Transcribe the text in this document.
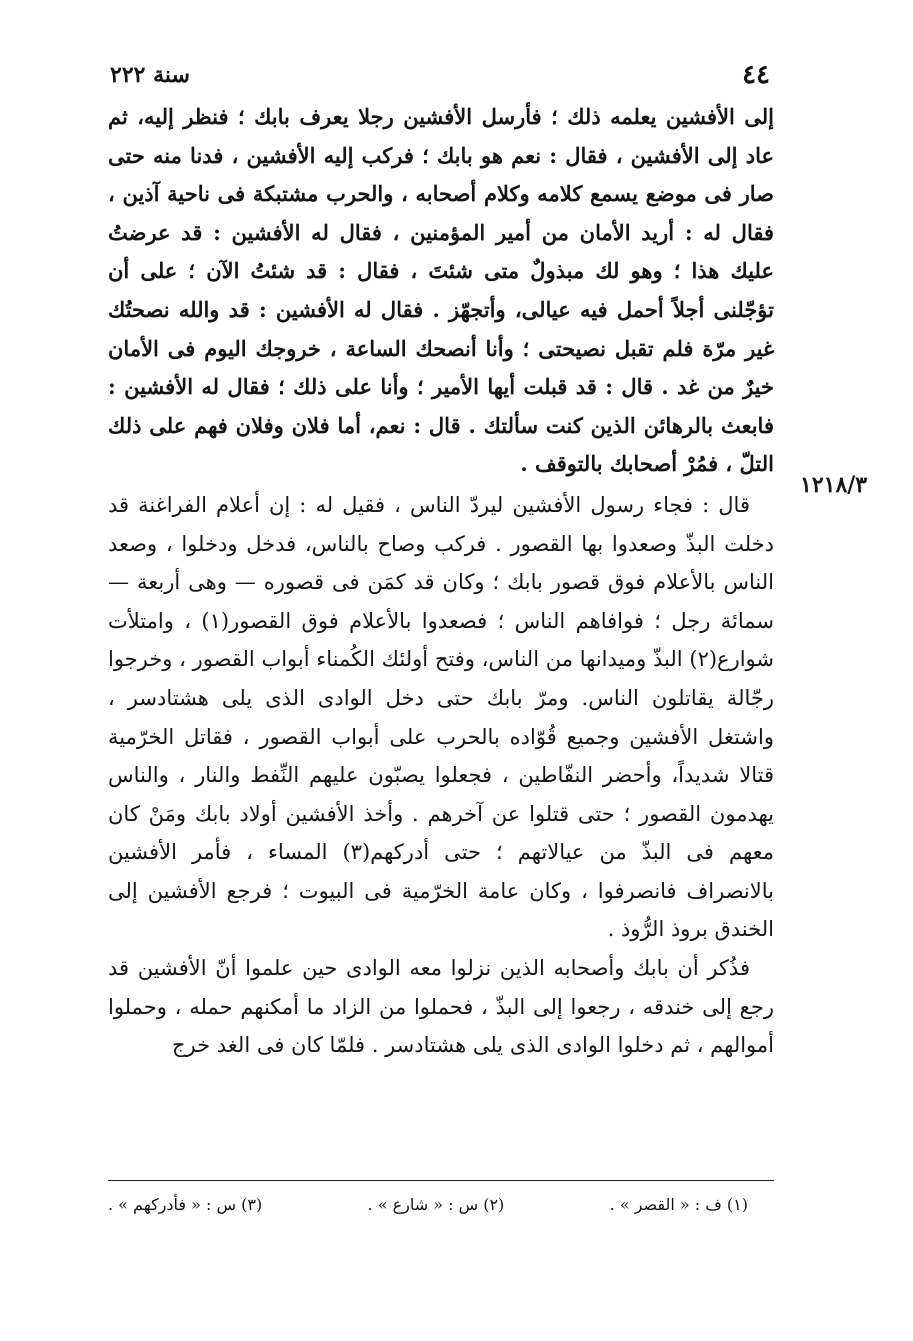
٤٤
سنة ٢٢٢

إلى الأفشين يعلمه ذلك ؛ فأرسل الأفشين رجلا يعرف بابك ؛ فنظر إليه، ثم عاد إلى الأفشين ، فقال : نعم هو بابك ؛ فركب إليه الأفشين ، فدنا منه حتى صار فى موضع يسمع كلامه وكلام أصحابه ، والحرب مشتبكة فى ناحية آذين ، فقال له : أريد الأمان من أمير المؤمنين ، فقال له الأفشين : قد عرضتُ عليك هذا ؛ وهو لك مبذولٌ متى شئتَ ، فقال : قد شئتُ الآن ؛ على أن تؤجّلنى أجلاً أحمل فيه عيالى، وأتجهّز . فقال له الأفشين : قد والله نصحتُك غير مرّة فلم تقبل نصيحتى ؛ وأنا أنصحك الساعة ، خروجك اليوم فى الأمان خيرٌ من غد . قال : قد قبلت أيها الأمير ؛ وأنا على ذلك ؛ فقال له الأفشين : فابعث بالرهائن الذين كنت سألتك . قال : نعم، أما فلان وفلان فهم على ذلك التلّ ، فمُرْ أصحابك بالتوقف .

قال : فجاء رسول الأفشين ليردّ الناس ، فقيل له : إن أعلام الفراغنة قد دخلت البذّ وصعدوا بها القصور . فركب وصاح بالناس، فدخل ودخلوا ، وصعد الناس بالأعلام فوق قصور بابك ؛ وكان قد كمَن فى قصوره — وهى أربعة —سمائة رجل ؛ فوافاهم الناس ؛ فصعدوا بالأعلام فوق القصور(١) ، وامتلأت شوارع(٢) البذّ وميدانها من الناس، وفتح أولئك الكُمناء أبواب القصور ، وخرجوا رجّالة يقاتلون الناس. ومرّ بابك حتى دخل الوادى الذى يلى هشتادسر ، واشتغل الأفشين وجميع قُوّاده بالحرب على أبواب القصور ، فقاتل الخرّمية قتالا شديداً، وأحضر النفّاطين ، فجعلوا يصبّون عليهم النِّفط والنار ، والناس يهدمون القصور ؛ حتى قتلوا عن آخرهم . وأخذ الأفشين أولاد بابك ومَنْ كان معهم فى البذّ من عيالاتهم ؛ حتى أدركهم(٣) المساء ، فأمر الأفشين بالانصراف فانصرفوا ، وكان عامة الخرّمية فى البيوت ؛ فرجع الأفشين إلى الخندق بروذ الرُّوذ .

فذُكر أن بابك وأصحابه الذين نزلوا معه الوادى حين علموا أنّ الأفشين قد رجع إلى خندقه ، رجعوا إلى البذّ ، فحملوا من الزاد ما أمكنهم حمله ، وحملوا أموالهم ، ثم دخلوا الوادى الذى يلى هشتادسر . فلمّا كان فى الغد خرج

١٢١٨/٣
(١) ف : « القصر » .
(٢) س : « شارع » .
(٣) س : « فأدركهم » .
